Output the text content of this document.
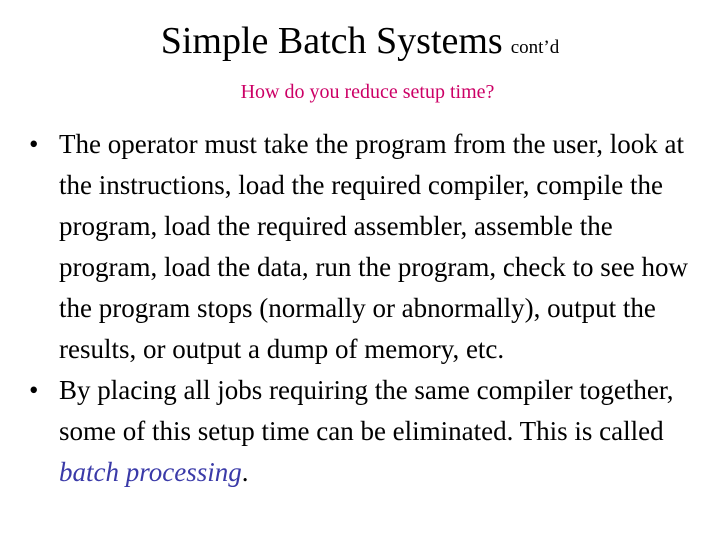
Simple Batch Systems cont’d
How do you reduce setup time?
• The operator must take the program from the user, look at the instructions, load the required compiler, compile the program, load the required assembler, assemble the program, load the data, run the program, check to see how the program stops (normally or abnormally), output the results, or output a dump of memory, etc.
• By placing all jobs requiring the same compiler together, some of this setup time can be eliminated. This is called batch processing.
